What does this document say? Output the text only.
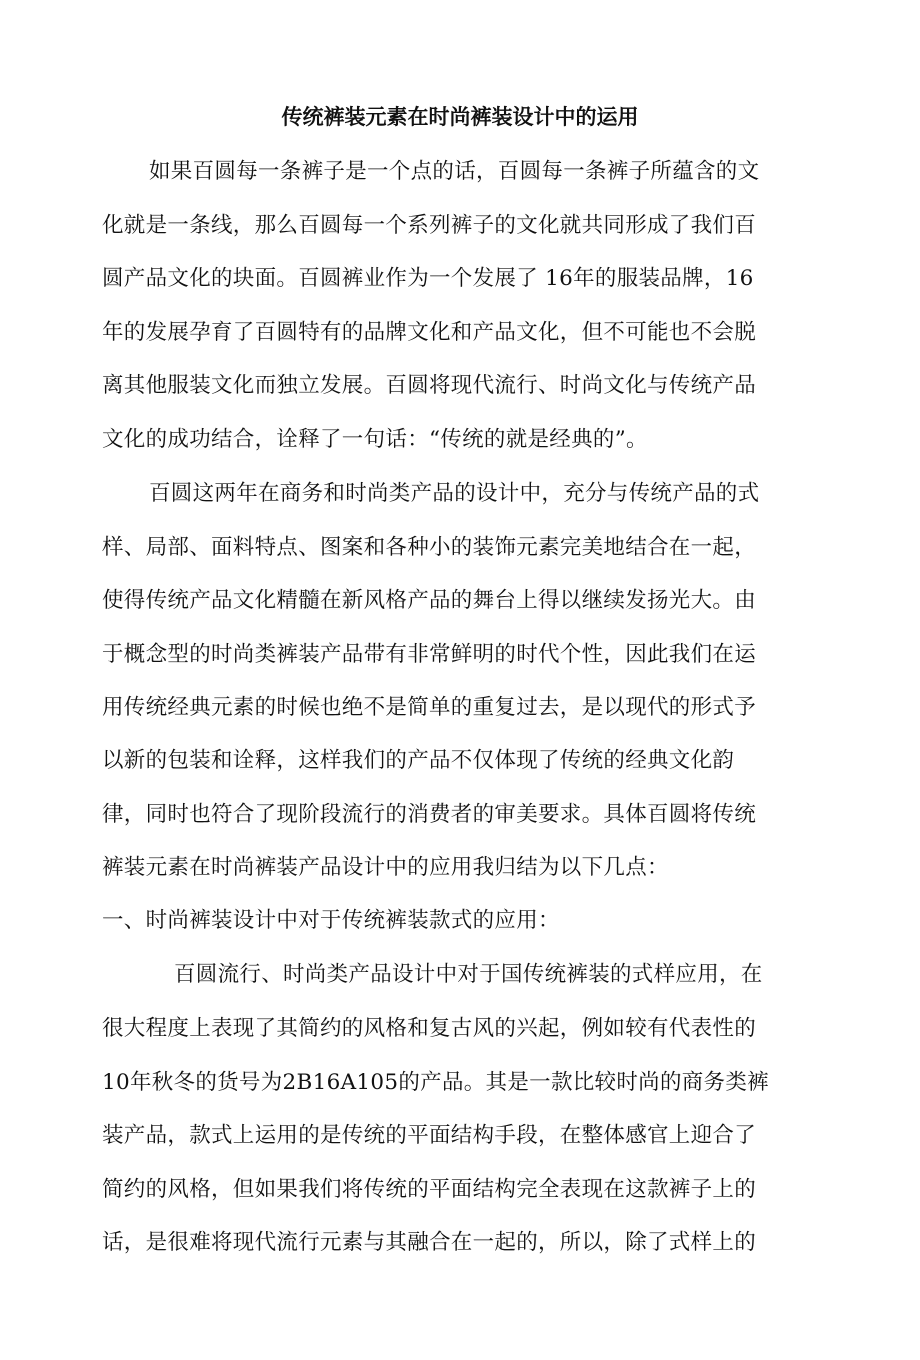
传统裤装元素在时尚裤装设计中的运用
如果百圆每一条裤子是一个点的话，百圆每一条裤子所蕴含的文
化就是一条线，那么百圆每一个系列裤子的文化就共同形成了我们百
圆产品文化的块面。百圆裤业作为一个发展了 16年的服装品牌，16
年的发展孕育了百圆特有的品牌文化和产品文化，但不可能也不会脱
离其他服装文化而独立发展。百圆将现代流行、时尚文化与传统产品
文化的成功结合，诠释了一句话：“传统的就是经典的”。
百圆这两年在商务和时尚类产品的设计中，充分与传统产品的式
样、局部、面料特点、图案和各种小的装饰元素完美地结合在一起，
使得传统产品文化精髓在新风格产品的舞台上得以继续发扬光大。由
于概念型的时尚类裤装产品带有非常鲜明的时代个性，因此我们在运
用传统经典元素的时候也绝不是简单的重复过去，是以现代的形式予
以新的包装和诠释，这样我们的产品不仅体现了传统的经典文化韵
律，同时也符合了现阶段流行的消费者的审美要求。具体百圆将传统
裤装元素在时尚裤装产品设计中的应用我归结为以下几点：
一、时尚裤装设计中对于传统裤装款式的应用：
百圆流行、时尚类产品设计中对于国传统裤装的式样应用，在
很大程度上表现了其简约的风格和复古风的兴起，例如较有代表性的
10年秋冬的货号为2B16A105的产品。其是一款比较时尚的商务类裤
装产品，款式上运用的是传统的平面结构手段，在整体感官上迎合了
简约的风格，但如果我们将传统的平面结构完全表现在这款裤子上的
话，是很难将现代流行元素与其融合在一起的，所以，除了式样上的
